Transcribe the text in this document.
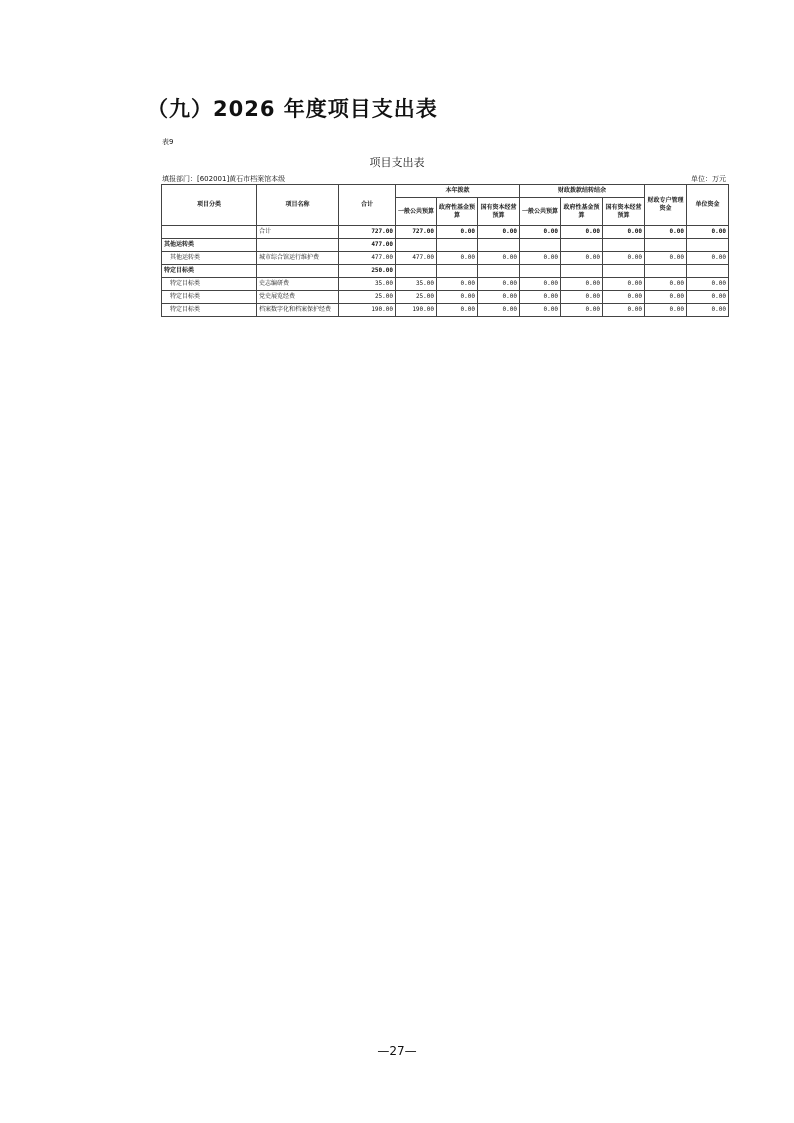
（九）2026 年度项目支出表
表9
项目支出表
填报部门：[602001]黄石市档案馆本级	单位：万元
项目分类	项目名称	合计	本年拨款			财政拨款结转结余			财政专户管理资金	单位资金
			一般公共预算	政府性基金预算	国有资本经营预算	一般公共预算	政府性基金预算	国有资本经营预算		
	合计	727.00	727.00	0.00	0.00	0.00	0.00	0.00	0.00	0.00
其他运转类		477.00								
其他运转类	城市综合馆运行维护费	477.00	477.00	0.00	0.00	0.00	0.00	0.00	0.00	0.00
特定目标类		250.00								
特定目标类	史志编研费	35.00	35.00	0.00	0.00	0.00	0.00	0.00	0.00	0.00
特定目标类	党史展览经费	25.00	25.00	0.00	0.00	0.00	0.00	0.00	0.00	0.00
特定目标类	档案数字化和档案保护经费	190.00	190.00	0.00	0.00	0.00	0.00	0.00	0.00	0.00
—27—
